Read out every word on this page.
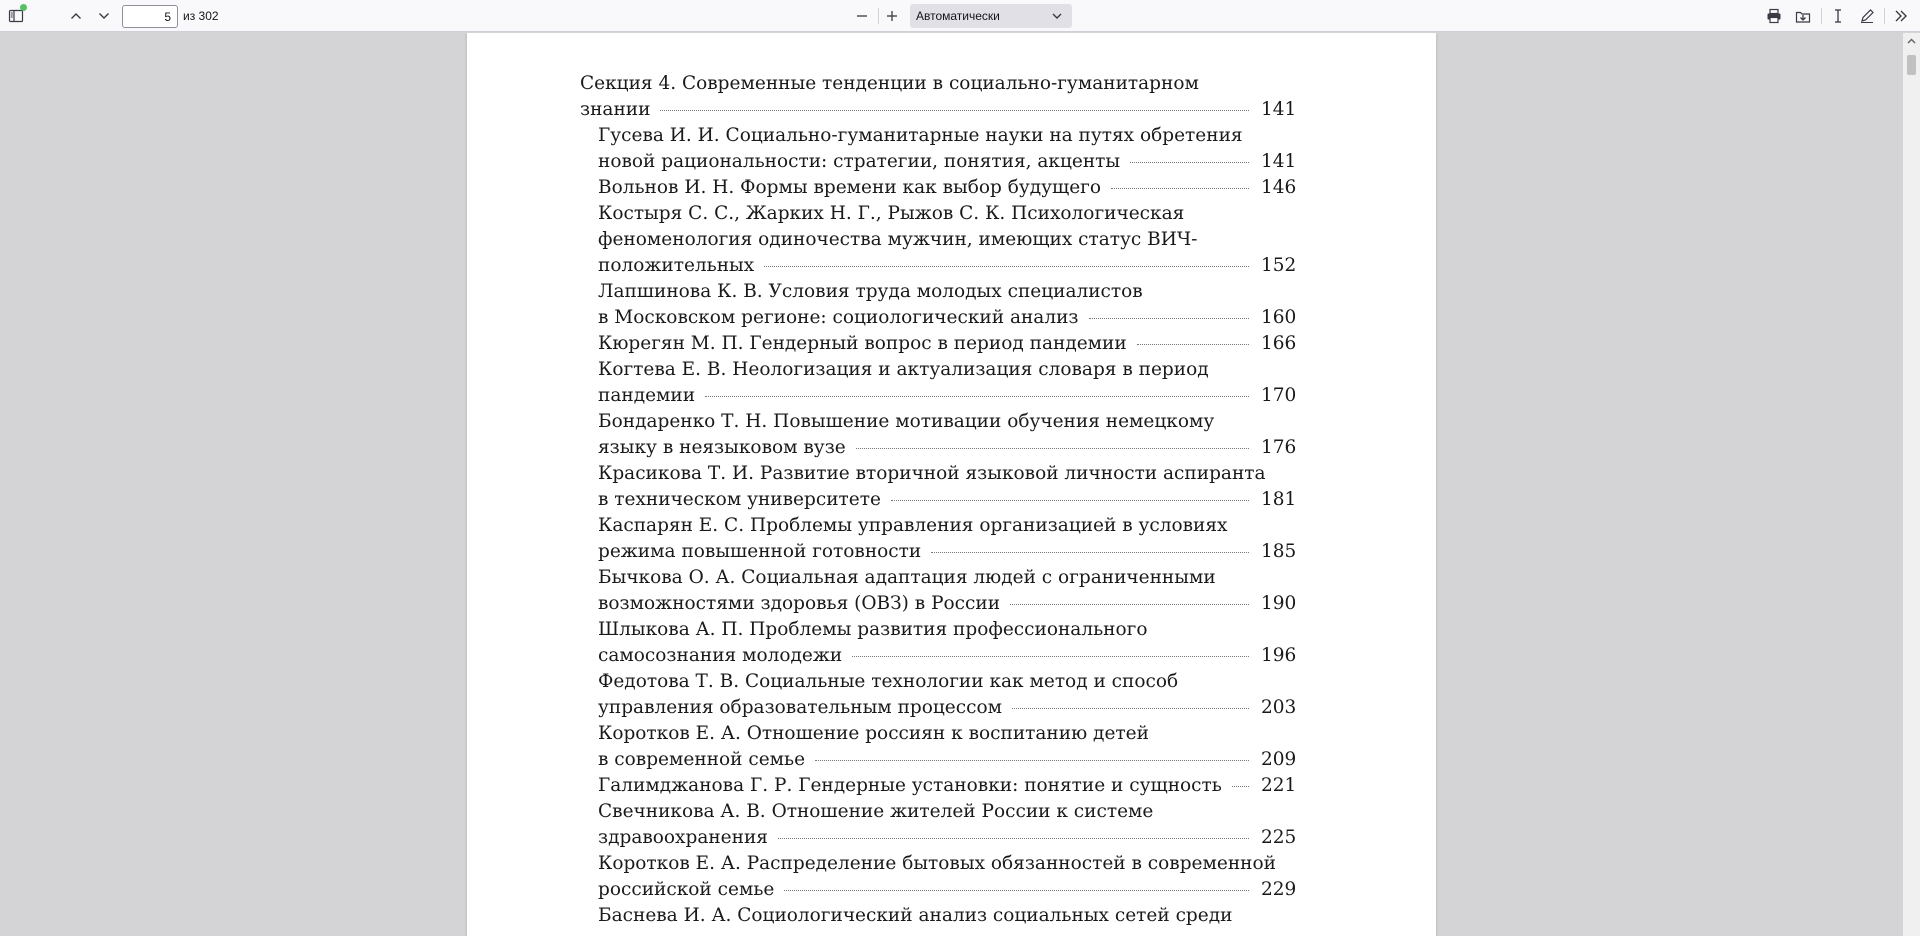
5
из 302	Автоматически
Секция 4. Современные тенденции в социально-гуманитарном
знании	141
Гусева И. И. Социально-гуманитарные науки на путях обретения
новой рациональности: стратегии, понятия, акценты	141
Вольнов И. Н. Формы времени как выбор будущего	146
Костыря С. С., Жарких Н. Г., Рыжов С. К. Психологическая
феноменология одиночества мужчин, имеющих статус ВИЧ-
положительных	152
Лапшинова К. В. Условия труда молодых специалистов
в Московском регионе: социологический анализ	160
Кюрегян М. П. Гендерный вопрос в период пандемии	166
Когтева Е. В. Неологизация и актуализация словаря в период
пандемии	170
Бондаренко Т. Н. Повышение мотивации обучения немецкому
языку в неязыковом вузе	176
Красикова Т. И. Развитие вторичной языковой личности аспиранта
в техническом университете	181
Каспарян Е. С. Проблемы управления организацией в условиях
режима повышенной готовности	185
Бычкова О. А. Социальная адаптация людей с ограниченными
возможностями здоровья (ОВЗ) в России	190
Шлыкова А. П. Проблемы развития профессионального
самосознания молодежи	196
Федотова Т. В. Социальные технологии как метод и способ
управления образовательным процессом	203
Коротков Е. А. Отношение россиян к воспитанию детей
в современной семье	209
Галимджанова Г. Р. Гендерные установки: понятие и сущность 221
Свечникова А. В. Отношение жителей России к системе
здравоохранения	225
Коротков Е. А. Распределение бытовых обязанностей в современной
российской семье	229
Баснева И. А. Социологический анализ социальных сетей среди
